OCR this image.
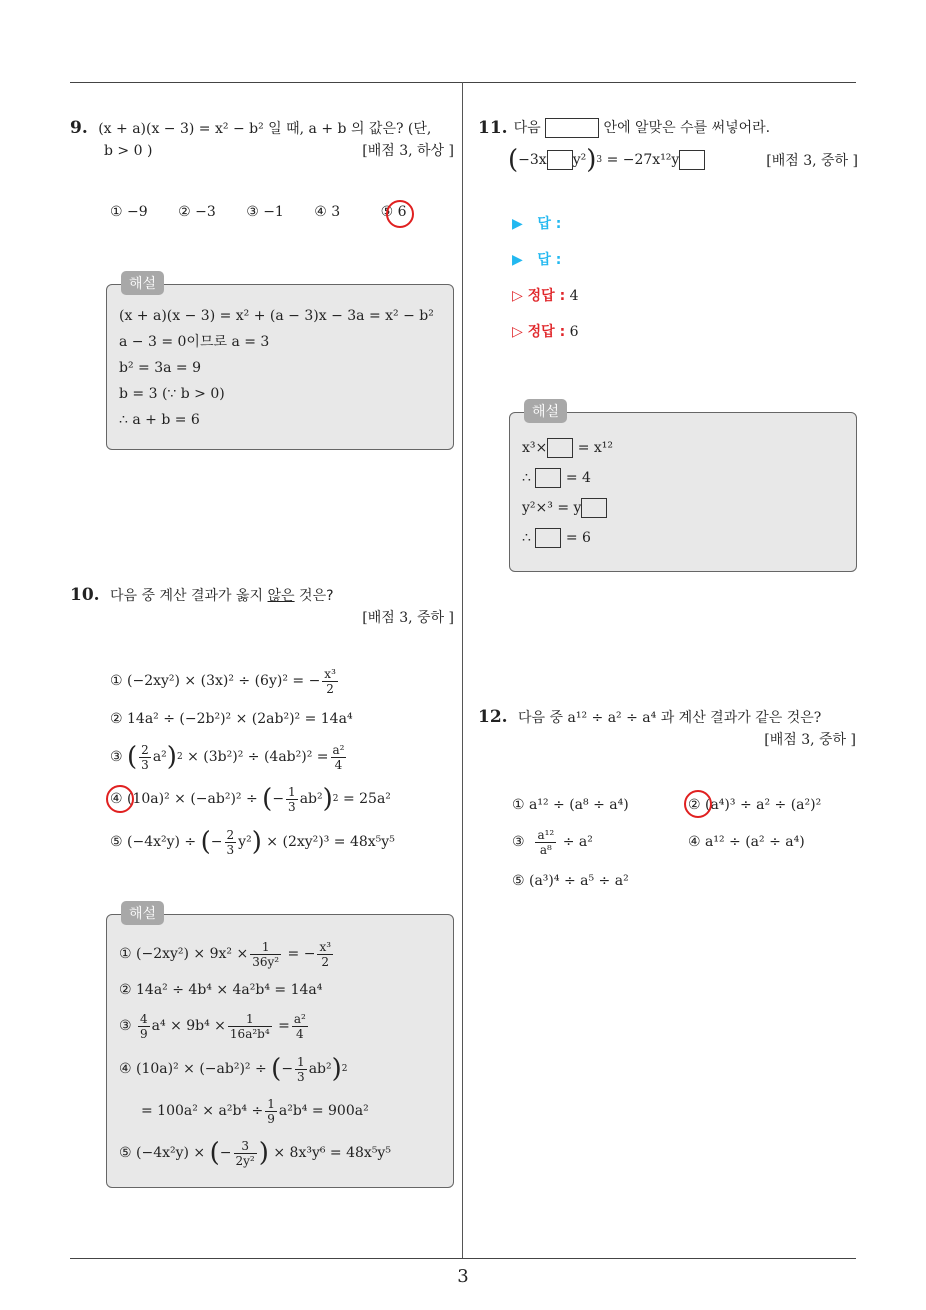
3
9. (x + a)(x − 3) = x² − b² 일 때, a + b 의 값은? (단,
b > 0 )	[배점 3, 하상 ]
① −9 ② −3 ③ −1 ④ 3	⑤ 6
해설
(x + a)(x − 3) = x² + (a − 3)x − 3a = x² − b²
a − 3 = 0이므로 a = 3
b² = 3a = 9
b = 3 (∵ b > 0)
∴ a + b = 6
10. 다음 중 계산 결과가 옳지 않은 것은?
[배점 3, 중하 ]
① (−2xy²) × (3x)² ÷ (6y)² = − $\frac{\text{x³}}{2}$
② 14a² ÷ (−2b²)² × (2ab²)² = 14a⁴
③ ( $\frac{2}{3} a^2$ ) 2
× $(3b^2)^2 \div (4ab^2)^2 = \frac{\text{a²}}{4}$
④ (10a)² × (−ab²)² ÷
( − $\frac{1}{3} ab^2$ ) 2
= 25a²
⑤ (−4x²y) ÷
( − $\frac{2}{3} y^2$ )
× (2xy²)³ = 48x⁵y⁵
해설
① $(-2xy^2) \times 9x^2 \times \frac{1}{\text{36y²}}$ = − $\frac{\text{x³}}{2}$
② 14a² ÷ 4b⁴ × 4a²b⁴ = 14a⁴
③ $\frac{4}{9} a^4 \times 9b^4 \times \frac{1}{\text{16a²b⁴}} = \frac{\text{a²}}{4}$
④ (10a)² × (−ab²)² ÷
( − $\frac{1}{3} ab^2$ ) 2
= $100a^2 \times a^2b^4 \div \frac{1}{9} a^2b^4 = 900a^2$
⑤ (−4x²y) ×
( − $\frac{3}{\text{2y²}}$ )
× 8x³y⁶ = 48x⁵y⁵
11. 다음

	안에 알맞은 수를 써넣어라.
( −3x y² ) 3
= −27x¹²y	[배점 3, 중하 ]
▶   답 :
▶   답 :
▷ 정답 : 4
▷ 정답 : 6
해설
x³×
= x¹²
∴

= 4
y²×³ = y
∴

= 6
12. 다음 중 a¹² ÷ a² ÷ a⁴ 과 계산 결과가 같은 것은?
[배점 3, 중하 ]
① a¹² ÷ (a⁸ ÷ a⁴)	② (a⁴)³ ÷ a² ÷ (a²)²
③ $\frac{\text{a¹²}}{\text{a⁸}}$
÷ a²	④ a¹² ÷ (a² ÷ a⁴)
⑤ (a³)⁴ ÷ a⁵ ÷ a²
